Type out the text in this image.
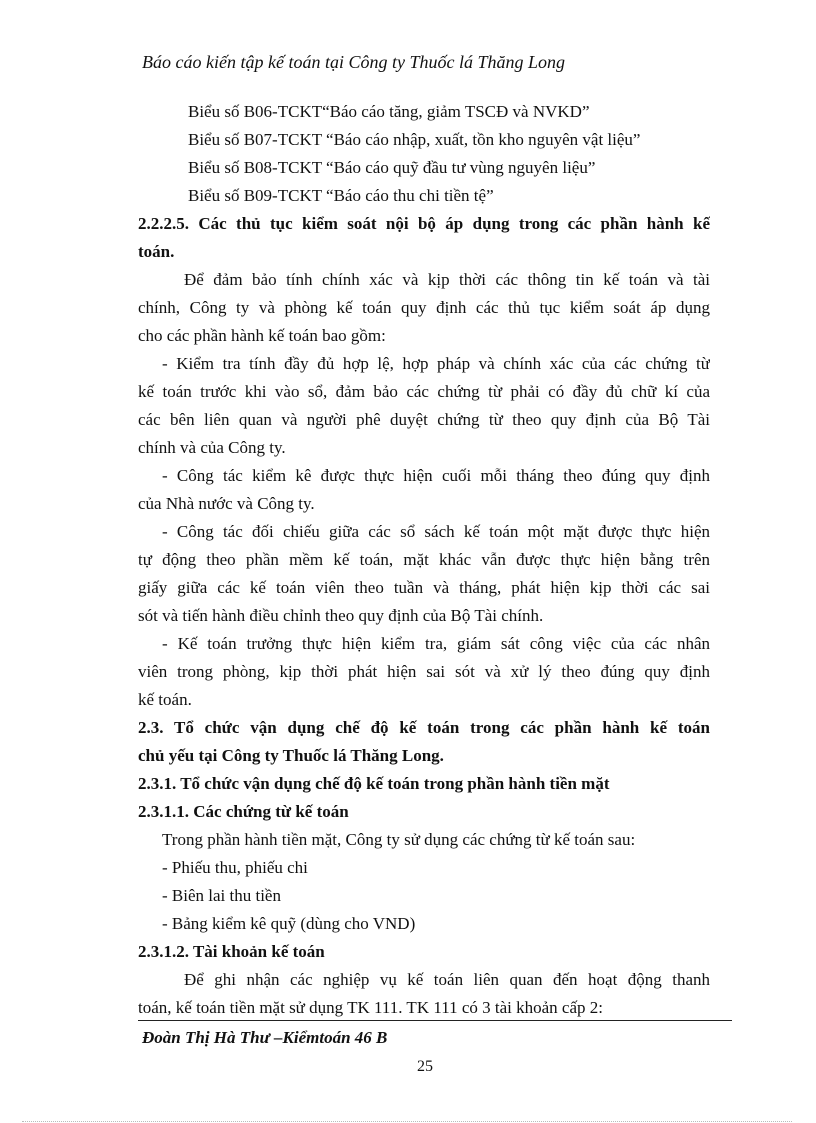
Báo cáo kiến tập kế toán tại Công ty Thuốc lá Thăng Long
Biểu số B06-TCKT“Báo cáo tăng, giảm TSCĐ và NVKD”
Biểu số B07-TCKT “Báo cáo nhập, xuất, tồn kho nguyên vật liệu”
Biểu số B08-TCKT “Báo cáo quỹ đầu tư vùng nguyên liệu”
Biểu số B09-TCKT “Báo cáo thu chi tiền tệ”
2.2.2.5. Các thủ tục kiểm soát nội bộ áp dụng trong các phần hành kế
toán.
Để đảm bảo tính chính xác và kịp thời các thông tin kế toán và tài
chính, Công ty và phòng kế toán quy định các thủ tục kiểm soát áp dụng
cho các phần hành kế toán bao gồm:
- Kiểm tra tính đầy đủ hợp lệ, hợp pháp và chính xác của các chứng từ
kế toán trước khi vào sổ, đảm bảo các chứng từ phải có đầy đủ chữ kí của
các bên liên quan và người phê duyệt chứng từ theo quy định của Bộ Tài
chính và của Công ty.
- Công tác kiểm kê được thực hiện cuối mỗi tháng theo đúng quy định
của Nhà nước và Công ty.
- Công tác đối chiếu giữa các sổ sách kế toán một mặt được thực hiện
tự động theo phần mềm kế toán, mặt khác vẫn được thực hiện bằng trên
giấy giữa các kế toán viên theo tuần và tháng, phát hiện kịp thời các sai
sót và tiến hành điều chỉnh theo quy định của Bộ Tài chính.
- Kế toán trưởng thực hiện kiểm tra, giám sát công việc của các nhân
viên trong phòng, kịp thời phát hiện sai sót và xử lý theo đúng quy định
kế toán.
2.3. Tổ chức vận dụng chế độ kế toán trong các phần hành kế toán
chủ yếu tại Công ty Thuốc lá Thăng Long.
2.3.1. Tổ chức vận dụng chế độ kế toán trong phần hành tiền mặt
2.3.1.1. Các chứng từ kế toán
Trong phần hành tiền mặt, Công ty sử dụng các chứng từ kế toán sau:
- Phiếu thu, phiếu chi
- Biên lai thu tiền
- Bảng kiểm kê quỹ (dùng cho VND)
2.3.1.2. Tài khoản kế toán
Để ghi nhận các nghiệp vụ kế toán liên quan đến hoạt động thanh
toán, kế toán tiền mặt sử dụng TK 111. TK 111 có 3 tài khoản cấp 2:
Đoàn Thị Hà Thư –Kiểmtoán 46 B
25
